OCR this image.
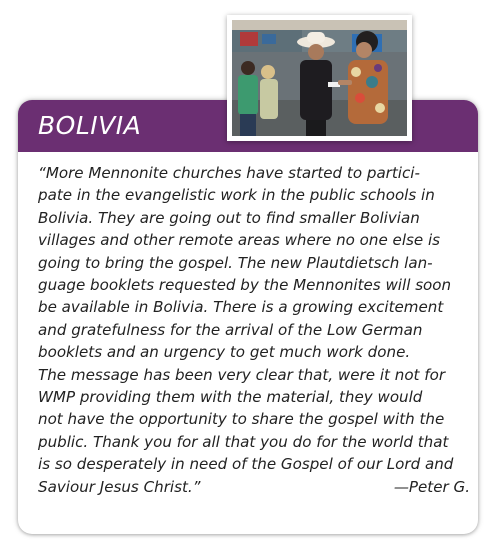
BOLIVIA
“More Mennonite churches have started to partici-
pate in the evangelistic work in the public schools in
Bolivia. They are going out to find smaller Bolivian
villages and other remote areas where no one else is
going to bring the gospel. The new Plautdietsch lan-
guage booklets requested by the Mennonites will soon
be available in Bolivia. There is a growing excitement
and gratefulness for the arrival of the Low German
booklets and an urgency to get much work done.
The message has been very clear that, were it not for
WMP providing them with the material, they would
not have the opportunity to share the gospel with the
public. Thank you for all that you do for the world that
is so desperately in need of the Gospel of our Lord and
Saviour Jesus Christ.”	—Peter G.
